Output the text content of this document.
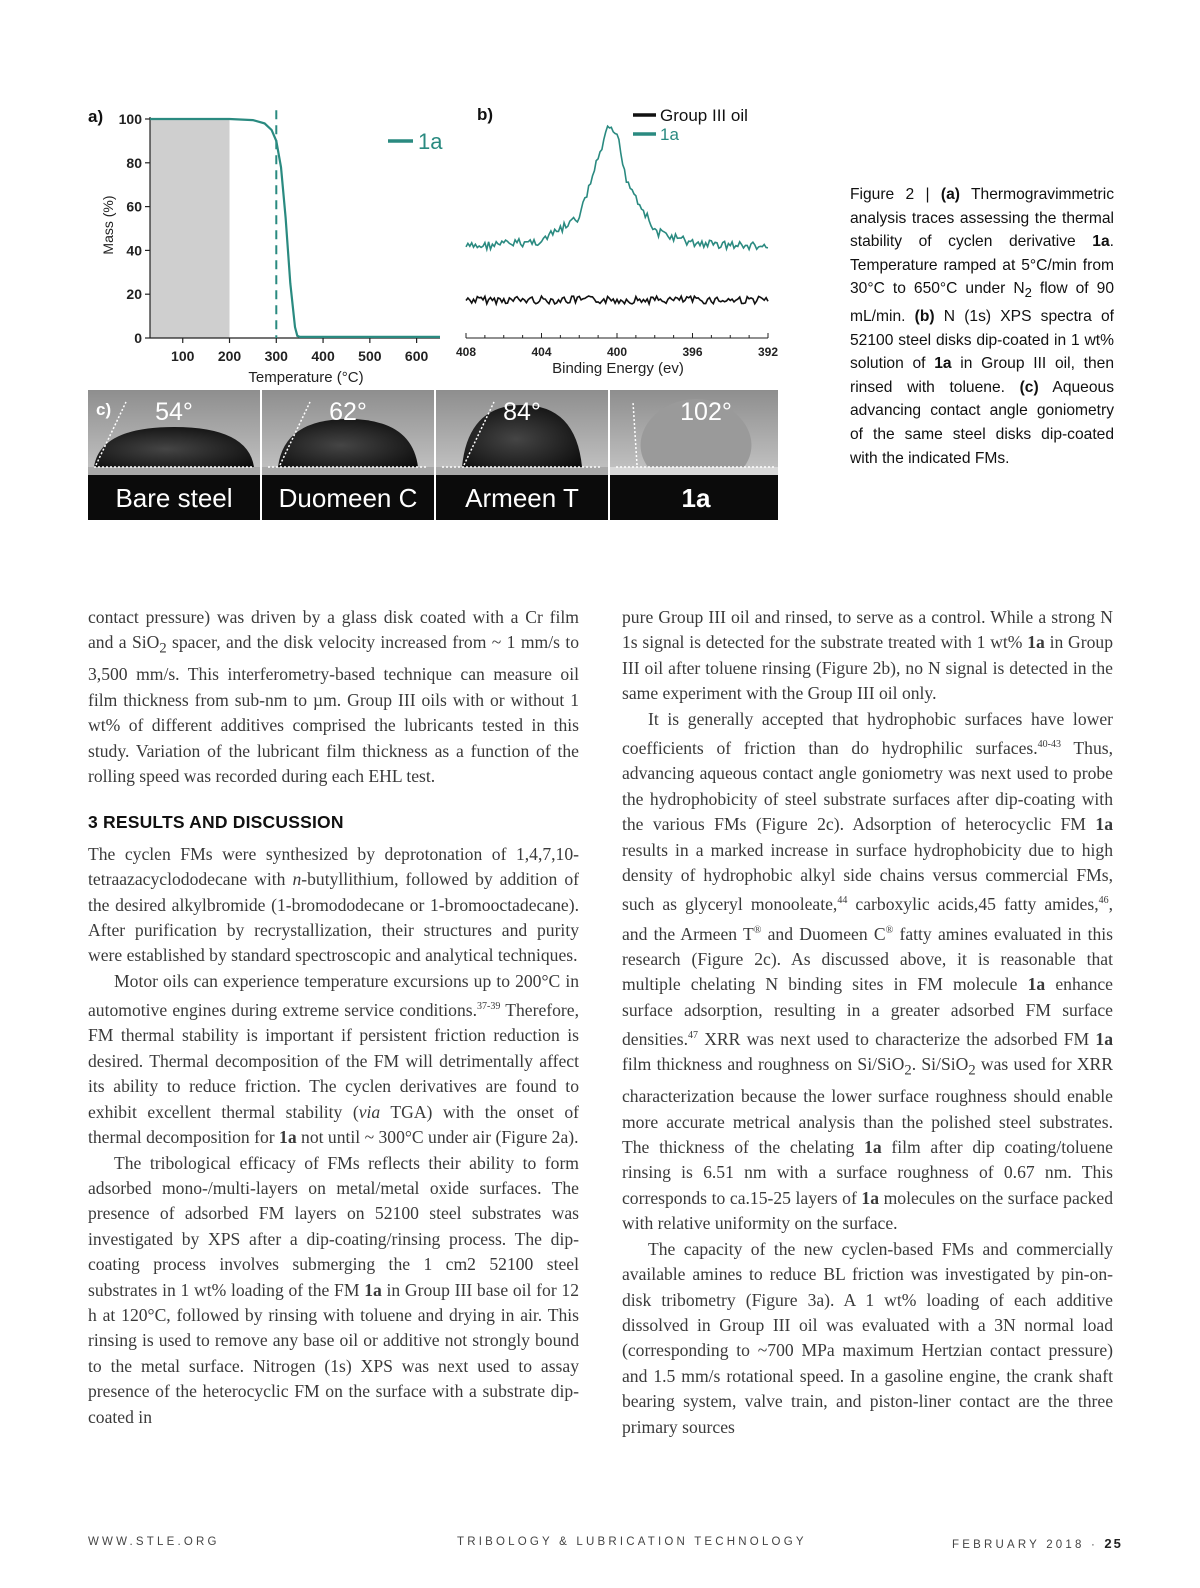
a)
0
20
40
60
80
100
100 200 300 400 500 600
1a
Mass (%)
Temperature (°C)
b)	Group III oil
1a
408	404	400	396	392
Binding Energy (ev)
54°
Bare steel
62°
Duomeen C
84°
Armeen T
102°
1a
c)
Figure 2 | (a) Thermogravimmetric analysis traces assessing the thermal stability of cyclen derivative 1a. Temperature ramped at 5°C/min from 30°C to 650°C under $N_2$ flow of 90 mL/min. (b) N (1s) XPS spectra of 52100 steel disks dip-coated in 1 wt% solution of 1a in Group III oil, then rinsed with toluene. (c) Aqueous advancing contact angle goniometry of the same steel disks dip-coated with the indicated FMs.

contact pressure) was driven by a glass disk coated with a Cr film and a SiO$_2$ spacer, and the disk velocity increased from ~ 1 mm/s to 3,500 mm/s. This interferometry-based technique can measure oil film thickness from sub-nm to µm. Group III oils with or without 1 wt% of different additives comprised the lubricants tested in this study. Variation of the lubricant film thickness as a function of the rolling speed was recorded during each EHL test.

3 RESULTS AND DISCUSSION

The cyclen FMs were synthesized by deprotonation of 1,4,7,10-tetraazacyclododecane with n-butyllithium, followed by addition of the desired alkylbromide (1-bromododecane or 1-bromooctadecane). After purification by recrystallization, their structures and purity were established by standard spectroscopic and analytical techniques.

Motor oils can experience temperature excursions up to 200°C in automotive engines during extreme service conditions.$^{37-39}$ Therefore, FM thermal stability is important if persistent friction reduction is desired. Thermal decomposition of the FM will detrimentally affect its ability to reduce friction. The cyclen derivatives are found to exhibit excellent thermal stability (via TGA) with the onset of thermal decomposition for 1a not until ~ 300°C under air (Figure 2a).

The tribological efficacy of FMs reflects their ability to form adsorbed mono-/multi-layers on metal/metal oxide surfaces. The presence of adsorbed FM layers on 52100 steel substrates was investigated by XPS after a dip-coating/rinsing process. The dip-coating process involves submerging the 1 cm2 52100 steel substrates in 1 wt% loading of the FM 1a in Group III base oil for 12 h at 120°C, followed by rinsing with toluene and drying in air. This rinsing is used to remove any base oil or additive not strongly bound to the metal surface. Nitrogen (1s) XPS was next used to assay presence of the heterocyclic FM on the surface with a substrate dip-coated in

pure Group III oil and rinsed, to serve as a control. While a strong N 1s signal is detected for the substrate treated with 1 wt% 1a in Group III oil after toluene rinsing (Figure 2b), no N signal is detected in the same experiment with the Group III oil only.

It is generally accepted that hydrophobic surfaces have lower coefficients of friction than do hydrophilic surfaces.$^{40-43}$ Thus, advancing aqueous contact angle goniometry was next used to probe the hydrophobicity of steel substrate surfaces after dip-coating with the various FMs (Figure 2c). Adsorption of heterocyclic FM 1a results in a marked increase in surface hydrophobicity due to high density of hydrophobic alkyl side chains versus commercial FMs, such as glyceryl monooleate,$^{44}$ carboxylic acids,45 fatty amides,$^{46}$, and the Armeen T® and Duomeen C® fatty amines evaluated in this research (Figure 2c). As discussed above, it is reasonable that multiple chelating N binding sites in FM molecule 1a enhance surface adsorption, resulting in a greater adsorbed FM surface densities.$^{47}$ XRR was next used to characterize the adsorbed FM 1a film thickness and roughness on Si/SiO$_2$. Si/SiO$_2$ was used for XRR characterization because the lower surface roughness should enable more accurate metrical analysis than the polished steel substrates. The thickness of the chelating 1a film after dip coating/toluene rinsing is 6.51 nm with a surface roughness of 0.67 nm. This corresponds to ca.15-25 layers of 1a molecules on the surface packed with relative uniformity on the surface.

The capacity of the new cyclen-based FMs and commercially available amines to reduce BL friction was investigated by pin-on-disk tribometry (Figure 3a). A 1 wt% loading of each additive dissolved in Group III oil was evaluated with a 3N normal load (corresponding to ~700 MPa maximum Hertzian contact pressure) and 1.5 mm/s rotational speed. In a gasoline engine, the crank shaft bearing system, valve train, and piston-liner contact are the three primary sources

WWW.STLE.ORG	TRIBOLOGY & LUBRICATION TECHNOLOGY	FEBRUARY 2018 · 25
